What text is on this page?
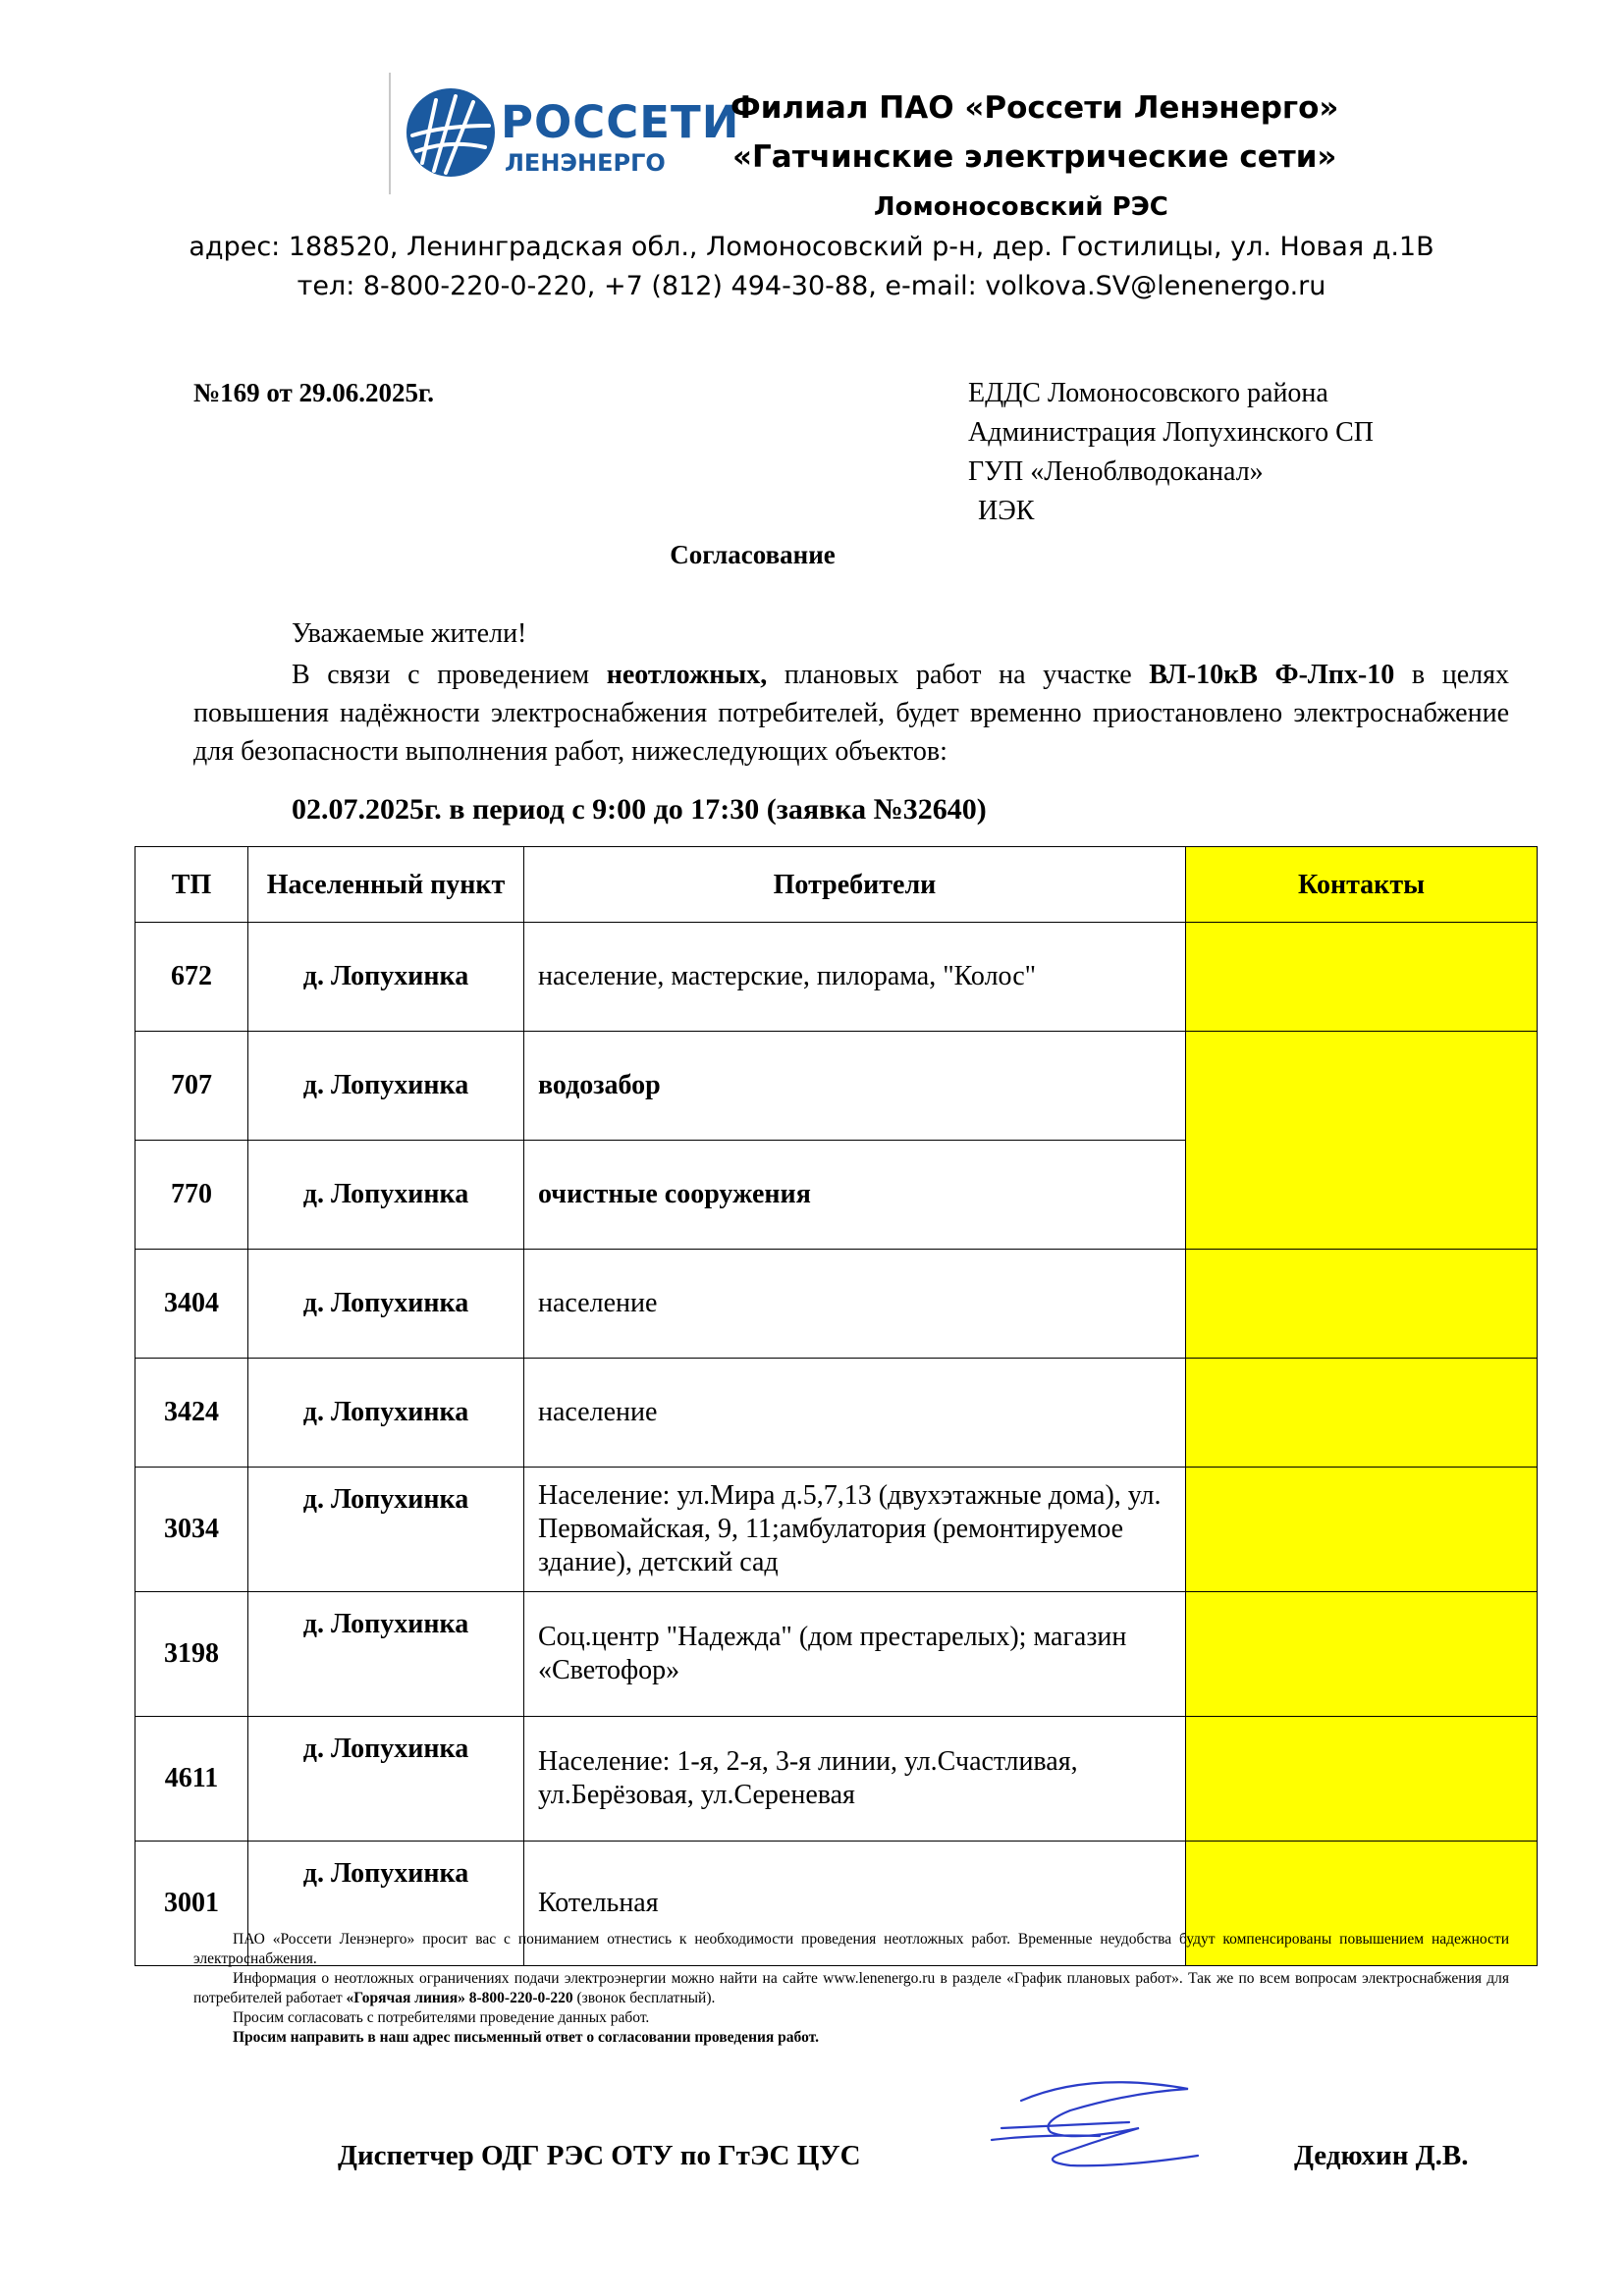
РОССЕТИ
ЛЕНЭНЕРГО
Филиал ПАО «Россети Ленэнерго»
«Гатчинские электрические сети»
Ломоносовский РЭС
адрес: 188520, Ленинградская обл., Ломоносовский р-н, дер. Гостилицы, ул. Новая д.1В
тел: 8-800-220-0-220, +7 (812) 494-30-88, e-mail: volkova.SV@lenenergo.ru
№169 от 29.06.2025г.	ЕДДС Ломоносовского района
Администрация Лопухинского СП
ГУП «Леноблводоканал»
ИЭК
Согласование
Уважаемые жители!
В связи с проведением неотложных, плановых работ на участке ВЛ-10кВ Ф-Лпх-10 в целях повышения надёжности электроснабжения потребителей, будет временно приостановлено электроснабжение для безопасности выполнения работ, нижеследующих объектов:
02.07.2025г. в период с 9:00 до 17:30 (заявка №32640)
ТП	Населенный пункт	Потребители	Контакты
672	д. Лопухинка	население, мастерские, пилорама, "Колос"	
707	д. Лопухинка	водозабор	
770	д. Лопухинка	очистные сооружения	
3404	д. Лопухинка	население	
3424	д. Лопухинка	население	
3034	д. Лопухинка	Население: ул.Мира д.5,7,13 (двухэтажные дома), ул. Первомайская, 9, 11;амбулатория (ремонтируемое здание), детский сад	
3198	д. Лопухинка	Соц.центр "Надежда" (дом престарелых); магазин «Светофор»	
4611	д. Лопухинка	Население: 1-я, 2-я, 3-я линии, ул.Счастливая, ул.Берёзовая, ул.Сереневая	
3001	д. Лопухинка	Котельная	

ПАО «Россети Ленэнерго» просит вас с пониманием отнестись к необходимости проведения неотложных работ. Временные неудобства будут компенсированы повышением надежности электроснабжения.

Информация о неотложных ограничениях подачи электроэнергии можно найти на сайте www.lenenergo.ru в разделе «График плановых работ». Так же по всем вопросам электроснабжения для потребителей работает «Горячая линия» 8-800-220-0-220 (звонок бесплатный).

Просим согласовать с потребителями проведение данных работ.

Просим направить в наш адрес письменный ответ о согласовании проведения работ.

Диспетчер ОДГ РЭС ОТУ по ГтЭС ЦУС	Дедюхин Д.В.
